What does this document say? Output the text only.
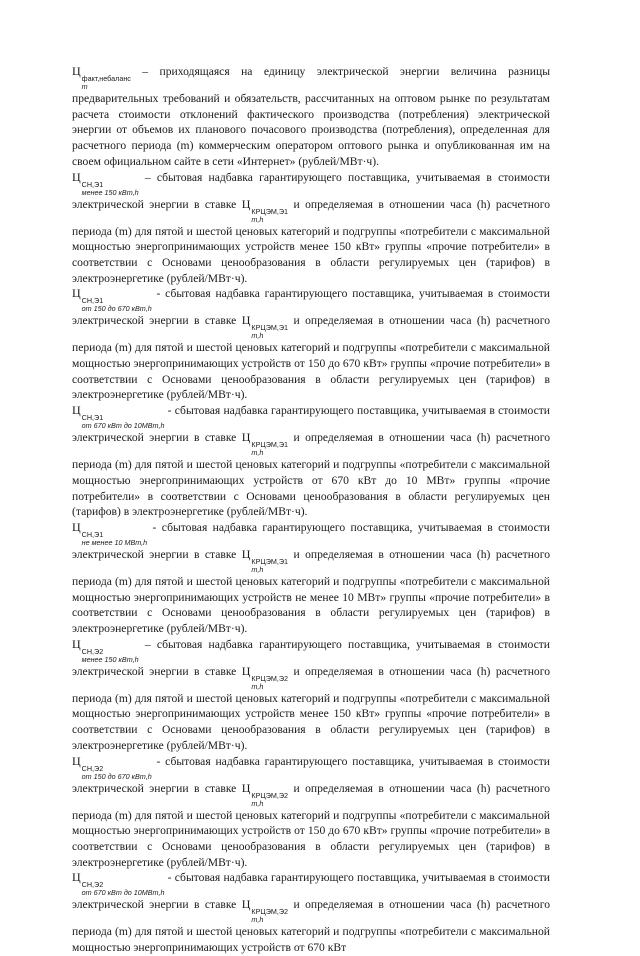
Ц
факт,небаланс
m
– приходящаяся на единицу электрической энергии величина разницы предварительных требований и обязательств, рассчитанных на оптовом рынке по результатам расчета стоимости отклонений фактического производства (потребления) электрической энергии от объемов их планового почасового производства (потребления), определенная для расчетного периода (m) коммерческим оператором оптового рынка и опубликованная им на своем официальном сайте в сети «Интернет» (рублей/МВт·ч).

Ц
СН,Э1
менее 150 кВт,h
– сбытовая надбавка гарантирующего поставщика, учитываемая в стоимости электрической энергии в ставке Ц
КРЦЭМ,Э1
m,h
и определяемая в отношении часа (h) расчетного периода (m) для пятой и шестой ценовых категорий и подгруппы «потребители с максимальной мощностью энергопринимающих устройств менее 150 кВт» группы «прочие потребители» в соответствии с Основами ценообразования в области регулируемых цен (тарифов) в электроэнергетике (рублей/МВт·ч).

Ц
СН,Э1
от 150 до 670 кВт,h
- сбытовая надбавка гарантирующего поставщика, учитываемая в стоимости электрической энергии в ставке Ц
КРЦЭМ,Э1
m,h
и определяемая в отношении часа (h) расчетного периода (m) для пятой и шестой ценовых категорий и подгруппы «потребители с максимальной мощностью энергопринимающих устройств от 150 до 670 кВт» группы «прочие потребители» в соответствии с Основами ценообразования в области регулируемых цен (тарифов) в электроэнергетике (рублей/МВт·ч).

Ц
СН,Э1
от 670 кВт до 10МВт,h
- сбытовая надбавка гарантирующего поставщика, учитываемая в стоимости электрической энергии в ставке Ц
КРЦЭМ,Э1
m,h
и определяемая в отношении часа (h) расчетного периода (m) для пятой и шестой ценовых категорий и подгруппы «потребители с максимальной мощностью энергопринимающих устройств от 670 кВт до 10 МВт» группы «прочие потребители» в соответствии с Основами ценообразования в области регулируемых цен (тарифов) в электроэнергетике (рублей/МВт·ч).

Ц
СН,Э1
не менее 10 МВт,h
- сбытовая надбавка гарантирующего поставщика, учитываемая в стоимости электрической энергии в ставке Ц
КРЦЭМ,Э1
m,h
и определяемая в отношении часа (h) расчетного периода (m) для пятой и шестой ценовых категорий и подгруппы «потребители с максимальной мощностью энергопринимающих устройств не менее 10 МВт» группы «прочие потребители» в соответствии с Основами ценообразования в области регулируемых цен (тарифов) в электроэнергетике (рублей/МВт·ч).

Ц
СН,Э2
менее 150 кВт,h
– сбытовая надбавка гарантирующего поставщика, учитываемая в стоимости электрической энергии в ставке Ц
КРЦЭМ,Э2
m,h
и определяемая в отношении часа (h) расчетного периода (m) для пятой и шестой ценовых категорий и подгруппы «потребители с максимальной мощностью энергопринимающих устройств менее 150 кВт» группы «прочие потребители» в соответствии с Основами ценообразования в области регулируемых цен (тарифов) в электроэнергетике (рублей/МВт·ч).

Ц
СН,Э2
от 150 до 670 кВт,h
- сбытовая надбавка гарантирующего поставщика, учитываемая в стоимости электрической энергии в ставке Ц
КРЦЭМ,Э2
m,h
и определяемая в отношении часа (h) расчетного периода (m) для пятой и шестой ценовых категорий и подгруппы «потребители с максимальной мощностью энергопринимающих устройств от 150 до 670 кВт» группы «прочие потребители» в соответствии с Основами ценообразования в области регулируемых цен (тарифов) в электроэнергетике (рублей/МВт·ч).

Ц
СН,Э2
от 670 кВт до 10МВт,h
- сбытовая надбавка гарантирующего поставщика, учитываемая в стоимости электрической энергии в ставке Ц
КРЦЭМ,Э2
m,h
и определяемая в отношении часа (h) расчетного периода (m) для пятой и шестой ценовых категорий и подгруппы «потребители с максимальной мощностью энергопринимающих устройств от 670 кВт
